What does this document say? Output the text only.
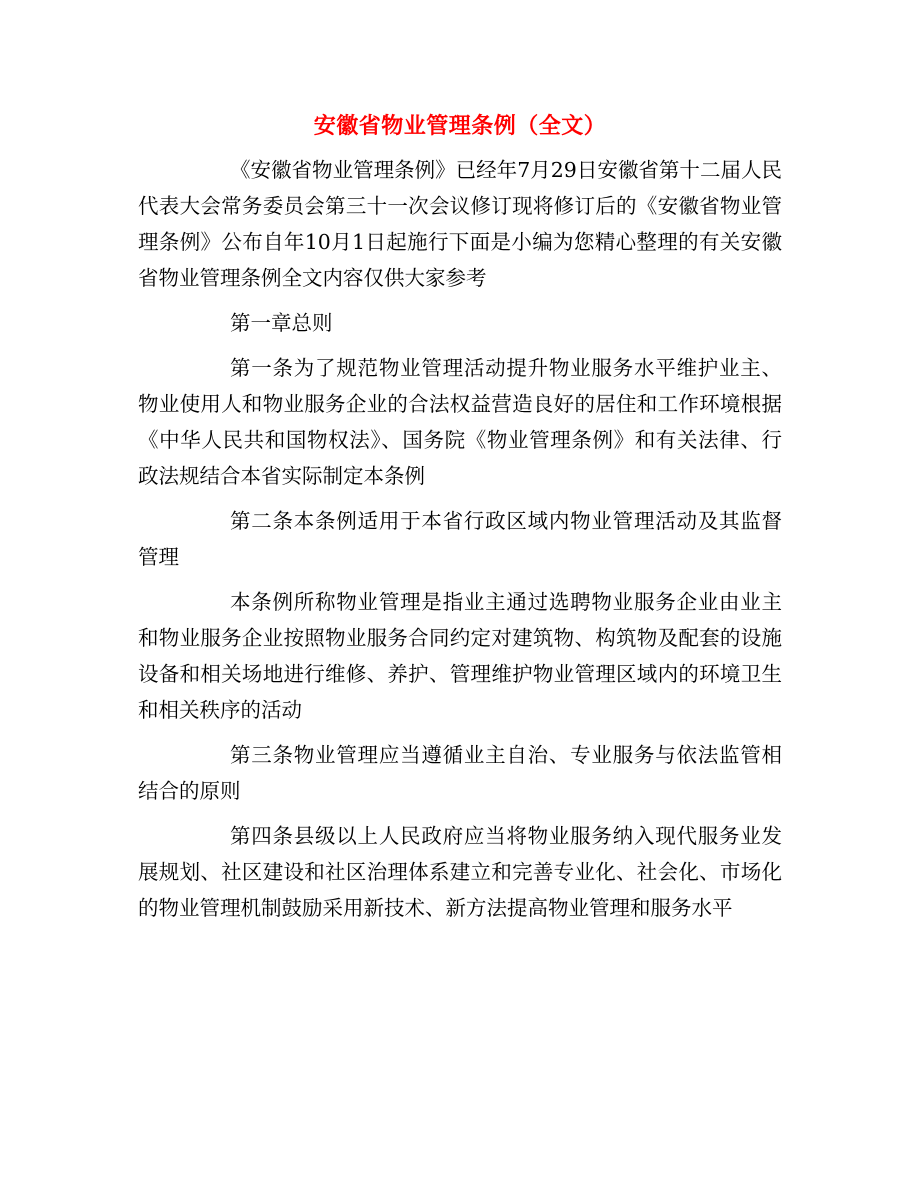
安徽省物业管理条例（全文）

《安徽省物业管理条例》已经年7月29日安徽省第十二届人民代表大会常务委员会第三十一次会议修订现将修订后的《安徽省物业管理条例》公布自年10月1日起施行下面是小编为您精心整理的有关安徽省物业管理条例全文内容仅供大家参考

第一章总则

第一条为了规范物业管理活动提升物业服务水平维护业主、物业使用人和物业服务企业的合法权益营造良好的居住和工作环境根据《中华人民共和国物权法》、国务院《物业管理条例》和有关法律、行政法规结合本省实际制定本条例

第二条本条例适用于本省行政区域内物业管理活动及其监督管理

本条例所称物业管理是指业主通过选聘物业服务企业由业主和物业服务企业按照物业服务合同约定对建筑物、构筑物及配套的设施设备和相关场地进行维修、养护、管理维护物业管理区域内的环境卫生和相关秩序的活动

第三条物业管理应当遵循业主自治、专业服务与依法监管相结合的原则

第四条县级以上人民政府应当将物业服务纳入现代服务业发展规划、社区建设和社区治理体系建立和完善专业化、社会化、市场化的物业管理机制鼓励采用新技术、新方法提高物业管理和服务水平
